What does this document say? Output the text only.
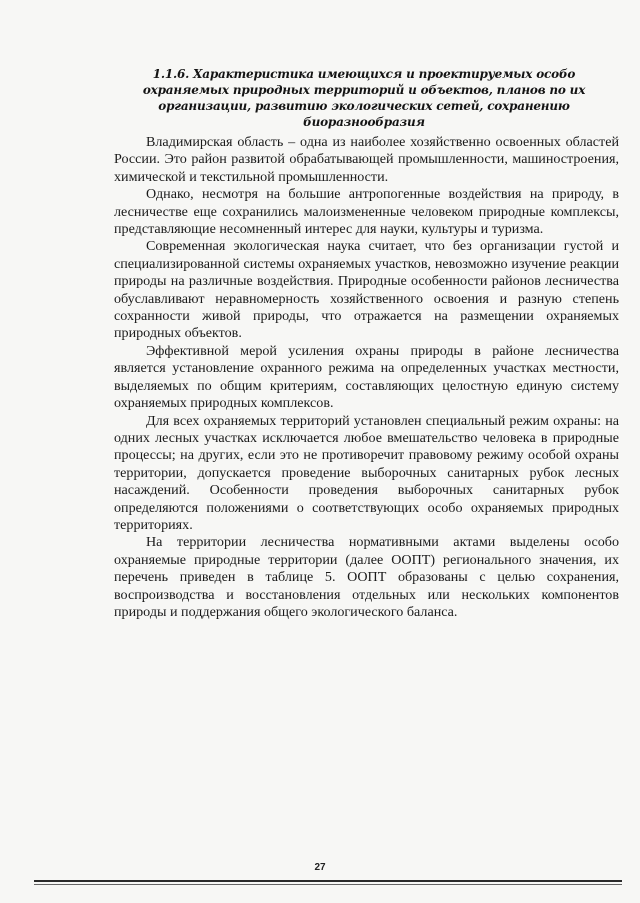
1.1.6. Характеристика имеющихся и проектируемых особо охраняемых природных территорий и объектов, планов по их организации, развитию экологических сетей, сохранению биоразнообразия

Владимирская область – одна из наиболее хозяйственно освоенных областей России. Это район развитой обрабатывающей промышленности, машиностроения, химической и текстильной промышленности.

Однако, несмотря на большие антропогенные воздействия на природу, в лесничестве еще сохранились малоизмененные человеком природные комплексы, представляющие несомненный интерес для науки, культуры и туризма.

Современная экологическая наука считает, что без организации густой и специализированной системы охраняемых участков, невозможно изучение реакции природы на различные воздействия. Природные особенности районов лесничества обуславливают неравномерность хозяйственного освоения и разную степень сохранности живой природы, что отражается на размещении охраняемых природных объектов.

Эффективной мерой усиления охраны природы в районе лесничества является установление охранного режима на определенных участках местности, выделяемых по общим критериям, составляющих целостную единую систему охраняемых природных комплексов.

Для всех охраняемых территорий установлен специальный режим охраны: на одних лесных участках исключается любое вмешательство человека в природные процессы; на других, если это не противоречит правовому режиму особой охраны территории, допускается проведение выборочных санитарных рубок лесных насаждений. Особенности проведения выборочных санитарных рубок определяются положениями о соответствующих особо охраняемых природных территориях.

На территории лесничества нормативными актами выделены особо охраняемые природные территории (далее ООПТ) регионального значения, их перечень приведен в таблице 5. ООПТ образованы с целью сохранения, воспроизводства и восстановления отдельных или нескольких компонентов природы и поддержания общего экологического баланса.

27
